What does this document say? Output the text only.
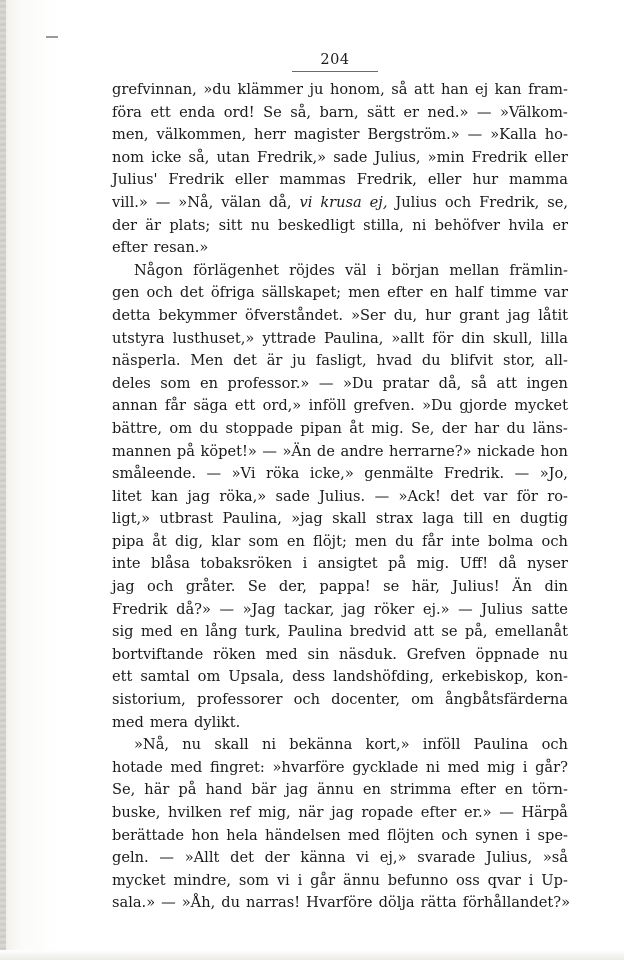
204
grefvinnan, »du klämmer ju honom, så att han ej kan fram-
föra ett enda ord! Se så, barn, sätt er ned.» — »Välkom-
men, välkommen, herr magister Bergström.» — »Kalla ho-
nom icke så, utan Fredrik,» sade Julius, »min Fredrik eller
Julius' Fredrik eller mammas Fredrik, eller hur mamma
vill.» — »Nå, välan då, vi krusa ej, Julius och Fredrik, se,
der är plats; sitt nu beskedligt stilla, ni behöfver hvila er
efter resan.»
Någon förlägenhet röjdes väl i början mellan främlin-
gen och det öfriga sällskapet; men efter en half timme var
detta bekymmer öfverståndet. »Ser du, hur grant jag låtit
utstyra lusthuset,» yttrade Paulina, »allt för din skull, lilla
näsperla. Men det är ju fasligt, hvad du blifvit stor, all-
deles som en professor.» — »Du pratar då, så att ingen
annan får säga ett ord,» inföll grefven. »Du gjorde mycket
bättre, om du stoppade pipan åt mig. Se, der har du läns-
mannen på köpet!» — »Än de andre herrarne?» nickade hon
småleende. — »Vi röka icke,» genmälte Fredrik. — »Jo,
litet kan jag röka,» sade Julius. — »Ack! det var för ro-
ligt,» utbrast Paulina, »jag skall strax laga till en dugtig
pipa åt dig, klar som en flöjt; men du får inte bolma och
inte blåsa tobaksröken i ansigtet på mig. Uff! då nyser
jag och gråter. Se der, pappa! se här, Julius! Än din
Fredrik då?» — »Jag tackar, jag röker ej.» — Julius satte
sig med en lång turk, Paulina bredvid att se på, emellanåt
bortviftande röken med sin näsduk. Grefven öppnade nu
ett samtal om Upsala, dess landshöfding, erkebiskop, kon-
sistorium, professorer och docenter, om ångbåtsfärderna
med mera dylikt.
»Nå, nu skall ni bekänna kort,» inföll Paulina och
hotade med fingret: »hvarföre gycklade ni med mig i går?
Se, här på hand bär jag ännu en strimma efter en törn-
buske, hvilken ref mig, när jag ropade efter er.» — Härpå
berättade hon hela händelsen med flöjten och synen i spe-
geln. — »Allt det der känna vi ej,» svarade Julius, »så
mycket mindre, som vi i går ännu befunno oss qvar i Up-
sala.» — »Åh, du narras! Hvarföre dölja rätta förhållandet?»
